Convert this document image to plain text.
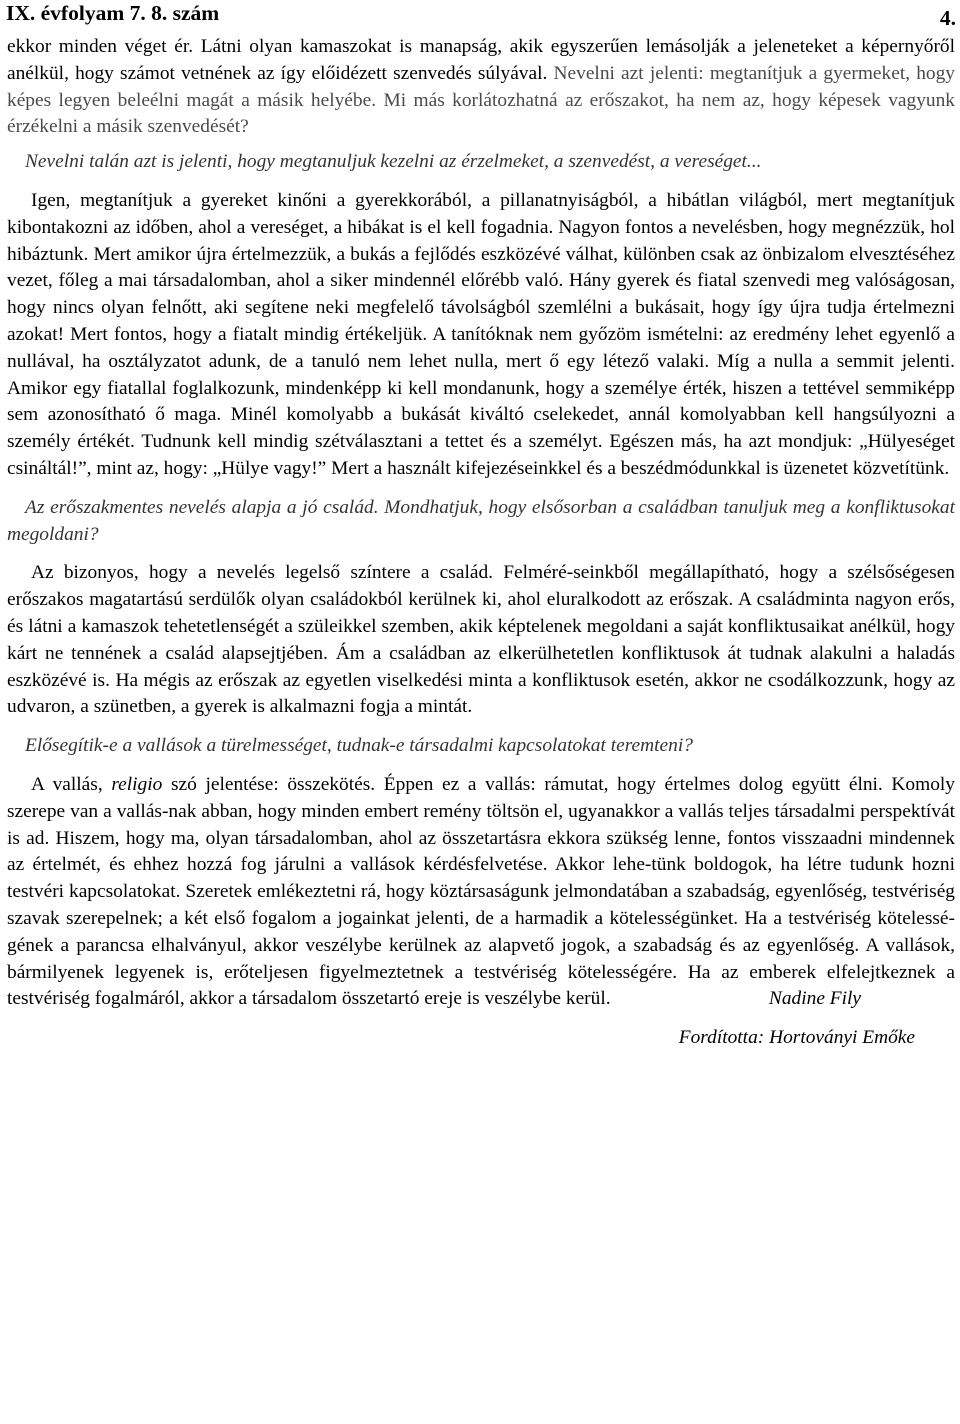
IX. évfolyam 7. 8. szám	4.

ekkor minden véget ér. Látni olyan kamaszokat is manapság, akik egyszerűen lemásolják a jeleneteket a képernyőről anélkül, hogy számot vetnének az így előidézett szenvedés súlyával. Nevelni azt jelenti: megtanítjuk a gyermeket, hogy képes legyen beleélni magát a másik helyébe. Mi más korlátozhatná az erőszakot, ha nem az, hogy képesek vagyunk érzékelni a másik szenvedését?

Nevelni talán azt is jelenti, hogy megtanuljuk kezelni az érzelmeket, a szenvedést, a vereséget...

Igen, megtanítjuk a gyereket kinőni a gyerekkorából, a pillanatnyiságból, a hibátlan világból, mert megtanítjuk kibontakozni az időben, ahol a vereséget, a hibákat is el kell fogadnia. Nagyon fontos a nevelésben, hogy megnézzük, hol hibáztunk. Mert amikor újra értelmezzük, a bukás a fejlődés eszközévé válhat, különben csak az önbizalom elvesztéséhez vezet, főleg a mai társadalomban, ahol a siker mindennél előrébb való. Hány gyerek és fiatal szenvedi meg valóságosan, hogy nincs olyan felnőtt, aki segítene neki megfelelő távolságból szemlélni a bukásait, hogy így újra tudja értelmezni azokat! Mert fontos, hogy a fiatalt mindig értékeljük. A tanítóknak nem győzöm ismételni: az eredmény lehet egyenlő a nullával, ha osztályzatot adunk, de a tanuló nem lehet nulla, mert ő egy létező valaki. Míg a nulla a semmit jelenti. Amikor egy fiatallal foglalkozunk, mindenképp ki kell mondanunk, hogy a személye érték, hiszen a tettével semmiképp sem azonosítható ő maga. Minél komolyabb a bukását kiváltó cselekedet, annál komolyabban kell hangsúlyozni a személy értékét. Tudnunk kell mindig szétválasztani a tettet és a személyt. Egészen más, ha azt mondjuk: „Hülyeséget csináltál!”, mint az, hogy: „Hülye vagy!” Mert a használt kifejezéseinkkel és a beszédmódunkkal is üzenetet közvetítünk.

Az erőszakmentes nevelés alapja a jó család. Mondhatjuk, hogy elsősorban a családban tanuljuk meg a konfliktusokat megoldani?

Az bizonyos, hogy a nevelés legelső színtere a család. Felméré-seinkből megállapítható, hogy a szélsőségesen erőszakos magatartású serdülők olyan családokból kerülnek ki, ahol eluralkodott az erőszak. A családminta nagyon erős, és látni a kamaszok tehetetlenségét a szüleikkel szemben, akik képtelenek megoldani a saját konfliktusaikat anélkül, hogy kárt ne tennének a család alapsejtjében. Ám a családban az elkerülhetetlen konfliktusok át tudnak alakulni a haladás eszközévé is. Ha mégis az erőszak az egyetlen viselkedési minta a konfliktusok esetén, akkor ne csodálkozzunk, hogy az udvaron, a szünetben, a gyerek is alkalmazni fogja a mintát.

Elősegítik-e a vallások a türelmességet, tudnak-e társadalmi kapcsolatokat teremteni?

A vallás, religio szó jelentése: összekötés. Éppen ez a vallás: rámutat, hogy értelmes dolog együtt élni. Komoly szerepe van a vallás-nak abban, hogy minden embert remény töltsön el, ugyanakkor a vallás teljes társadalmi perspektívát is ad. Hiszem, hogy ma, olyan társadalomban, ahol az összetartásra ekkora szükség lenne, fontos visszaadni mindennek az értelmét, és ehhez hozzá fog járulni a vallások kérdésfelvetése. Akkor lehe-tünk boldogok, ha létre tudunk hozni testvéri kapcsolatokat. Szeretek emlékeztetni rá, hogy köztársaságunk jelmondatában a szabadság, egyenlőség, testvériség szavak szerepelnek; a két első fogalom a jogainkat jelenti, de a harmadik a kötelességünket. Ha a testvériség kötelességének a parancsa elhalványul, akkor veszélybe kerülnek az alapvető jogok, a szabadság és az egyenlőség. A vallások, bármilyenek legyenek is, erőteljesen figyelmeztetnek a testvériség kötelességére. Ha az emberek elfelejtkeznek a testvériség fogalmáról, akkor a társadalom összetartó ereje is veszélybe kerül.	Nadine Fily

Fordította: Hortoványi Emőke
